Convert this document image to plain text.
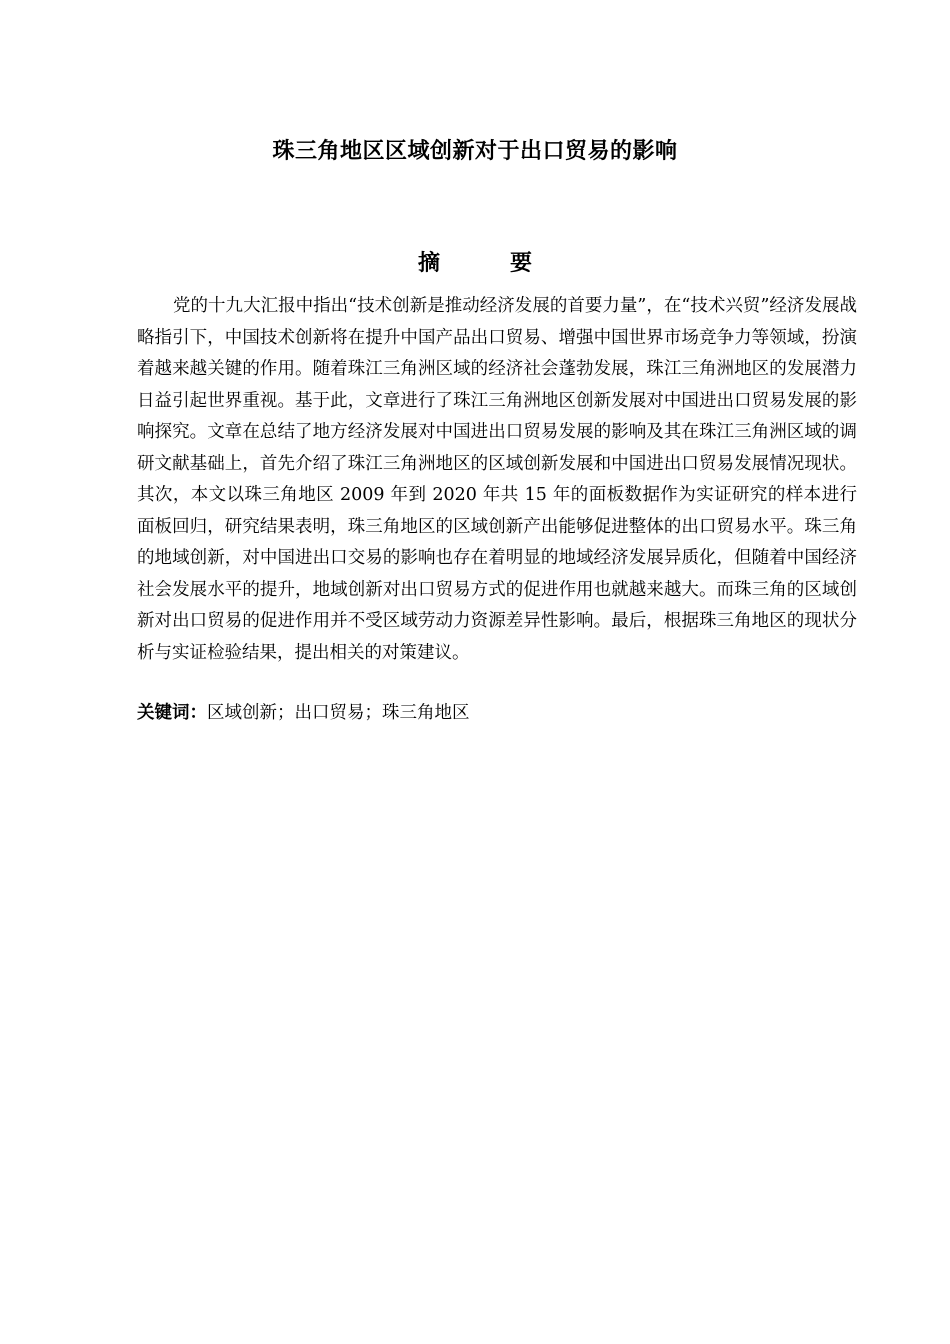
珠三角地区区域创新对于出口贸易的影响
摘　要

党的十九大汇报中指出“技术创新是推动经济发展的首要力量”，在“技术兴贸”经济发展战略指引下，中国技术创新将在提升中国产品出口贸易、增强中国世界市场竞争力等领域，扮演着越来越关键的作用。随着珠江三角洲区域的经济社会蓬勃发展，珠江三角洲地区的发展潜力日益引起世界重视。基于此，文章进行了珠江三角洲地区创新发展对中国进出口贸易发展的影响探究。文章在总结了地方经济发展对中国进出口贸易发展的影响及其在珠江三角洲区域的调研文献基础上，首先介绍了珠江三角洲地区的区域创新发展和中国进出口贸易发展情况现状。其次，本文以珠三角地区 2009 年到 2020 年共 15 年的面板数据作为实证研究的样本进行面板回归，研究结果表明，珠三角地区的区域创新产出能够促进整体的出口贸易水平。珠三角的地域创新，对中国进出口交易的影响也存在着明显的地域经济发展异质化，但随着中国经济社会发展水平的提升，地域创新对出口贸易方式的促进作用也就越来越大。而珠三角的区域创新对出口贸易的促进作用并不受区域劳动力资源差异性影响。最后，根据珠三角地区的现状分析与实证检验结果，提出相关的对策建议。

关键词：区域创新；出口贸易；珠三角地区
